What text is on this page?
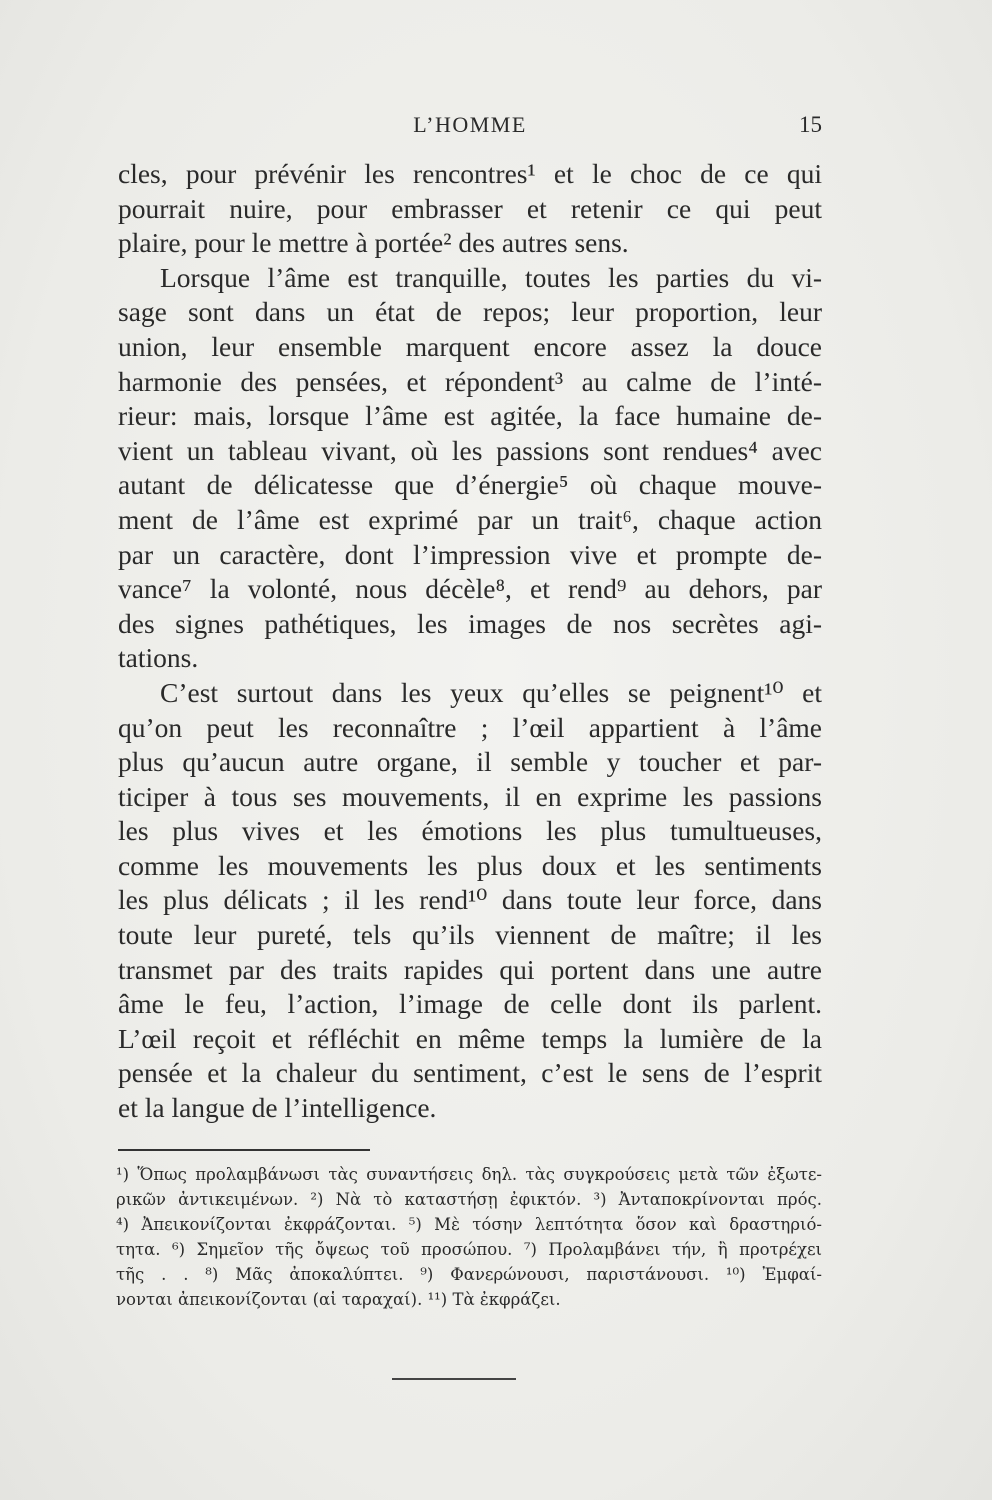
L’HOMME	15
cles, pour prévénir les rencontres¹ et le choc de ce qui
pourrait nuire, pour embrasser et retenir ce qui peut
plaire, pour le mettre à portée² des autres sens.
Lorsque l’âme est tranquille, toutes les parties du vi-
sage sont dans un état de repos; leur proportion, leur
union, leur ensemble marquent encore assez la douce
harmonie des pensées, et répondent³ au calme de l’inté-
rieur: mais, lorsque l’âme est agitée, la face humaine de-
vient un tableau vivant, où les passions sont rendues⁴ avec
autant de délicatesse que d’énergie⁵ où chaque mouve-
ment de l’âme est exprimé par un trait⁶, chaque action
par un caractère, dont l’impression vive et prompte de-
vance⁷ la volonté, nous décèle⁸, et rend⁹ au dehors, par
des signes pathétiques, les images de nos secrètes agi-
tations.
C’est surtout dans les yeux qu’elles se peignent¹⁰ et
qu’on peut les reconnaître ; l’œil appartient à l’âme
plus qu’aucun autre organe, il semble y toucher et par-
ticiper à tous ses mouvements, il en exprime les passions
les plus vives et les émotions les plus tumultueuses,
comme les mouvements les plus doux et les sentiments
les plus délicats ; il les rend¹⁰ dans toute leur force, dans
toute leur pureté, tels qu’ils viennent de maître; il les
transmet par des traits rapides qui portent dans une autre
âme le feu, l’action, l’image de celle dont ils parlent.
L’œil reçoit et réfléchit en même temps la lumière de la
pensée et la chaleur du sentiment, c’est le sens de l’esprit
et la langue de l’intelligence.
¹) Ὅπως προλαμβάνωσι τὰς συναντήσεις δηλ. τὰς συγκρούσεις μετὰ τῶν ἐξωτε-
ρικῶν ἀντικειμένων. ²) Νὰ τὸ καταστήσῃ ἐφικτόν. ³) Ἀνταποκρίνονται πρός.
⁴) Ἀπεικονίζονται ἐκφράζονται. ⁵) Μὲ τόσην λεπτότητα ὅσον καὶ δραστηριό-
τητα. ⁶) Σημεῖον τῆς ὄψεως τοῦ προσώπου. ⁷) Προλαμβάνει τήν, ἢ προτρέχει
τῆς . . ⁸) Μᾶς ἀποκαλύπτει. ⁹) Φανερώνουσι, παριστάνουσι. ¹⁰) Ἐμφαί-
νονται ἀπεικονίζονται (αἱ ταραχαί). ¹¹) Τὰ ἐκφράζει.
